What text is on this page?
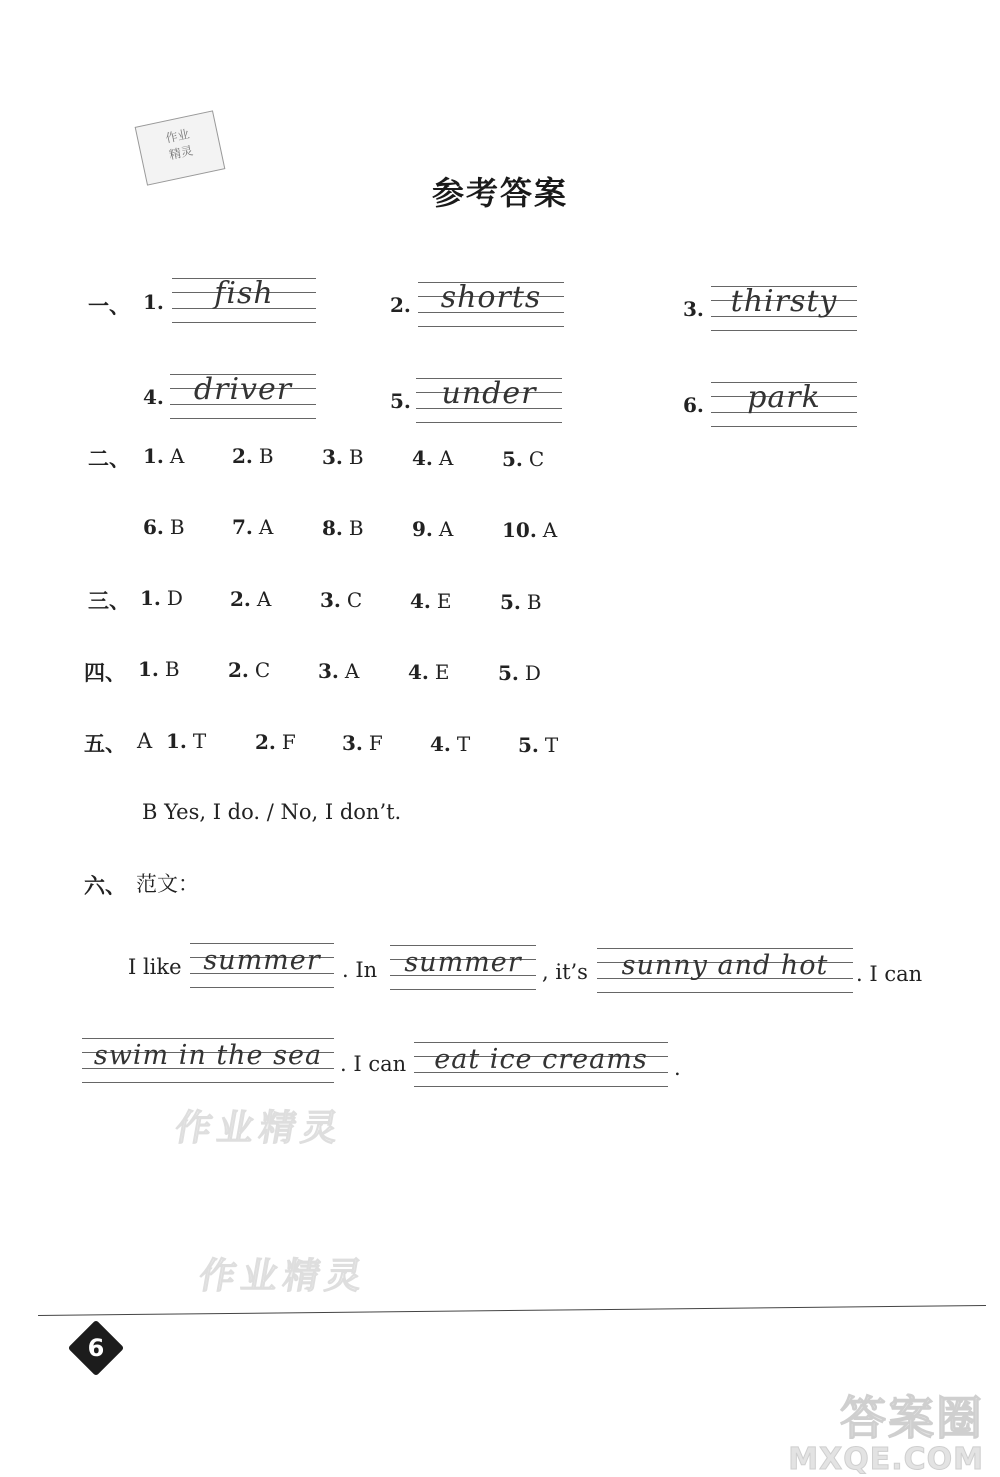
作业
精灵
参考答案
一、 1.	fish	2. shorts	3. thirsty
4.	driver	5.	under	6.	park
二、 1. A 2. B 3. B 4. A 5. C
6. B 7. A 8. B 9. A 10. A
三、 1. D 2. A 3. C 4. E 5. B
四、 1. B 2. C 3. A 4. E 5. D
五、 A 1. T 2. F 3. F 4. T 5. T
B Yes, I do. / No, I don’t.
六、 范文：
I like summer	. In	summer , it’s	sunny and hot	. I can
swim in the sea . I can	eat ice creams	.
作业精灵
作业精灵
6
答案圈
MXQE.COM
